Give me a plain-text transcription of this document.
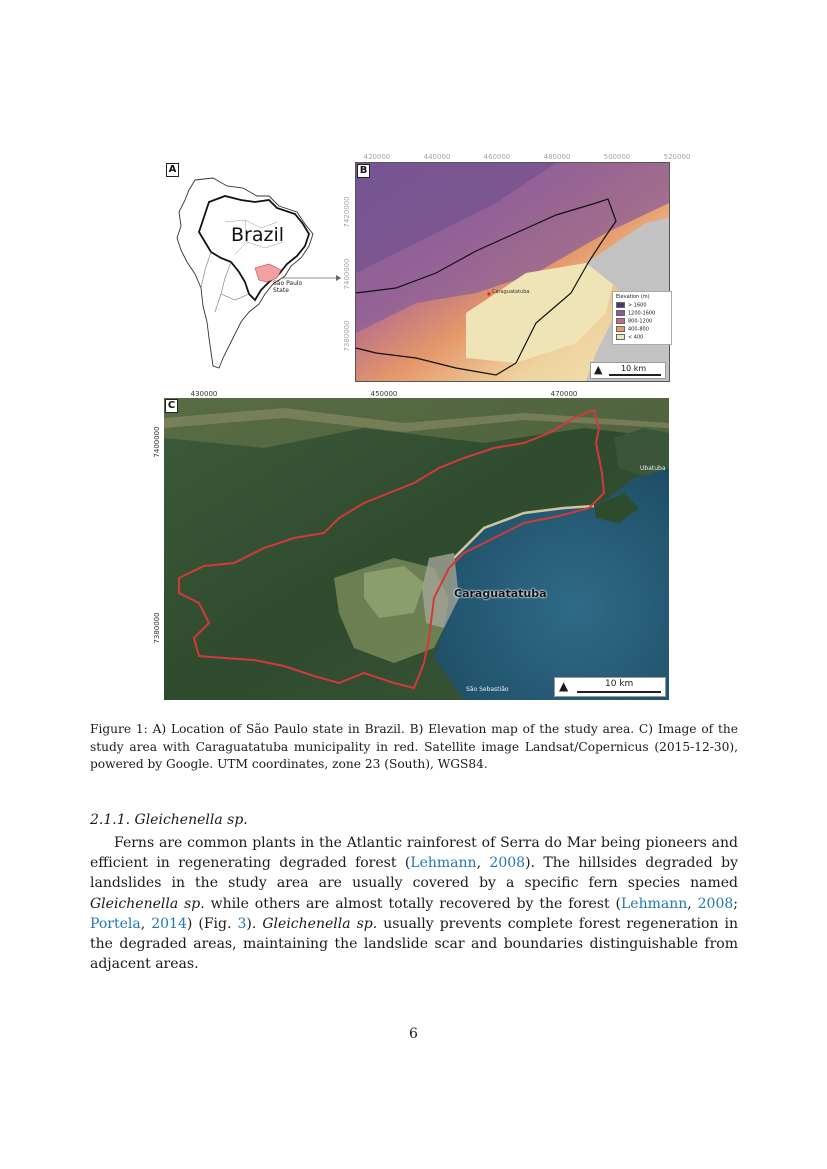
A
Brazil
São Paulo
State
420000	440000	460000	480000	500000	520000
7420000
7400000
7380000
B
Caraguatatuba
Elevation (m)
> 1600
1200-1600
800-1200
400-800
< 400
▲ 10 km
430000	450000	470000
7400000
7380000
C
Caraguatatuba
Ubatuba
São Sebastião	▲	10 km
Figure 1: A) Location of São Paulo state in Brazil. B) Elevation map of the study area. C) Image of the study area with Caraguatatuba municipality in red. Satellite image Landsat/Copernicus (2015-12-30), powered by Google. UTM coordinates, zone 23 (South), WGS84.
2.1.1. Gleichenella sp.
Ferns are common plants in the Atlantic rainforest of Serra do Mar being pioneers and efficient in regenerating degraded forest (Lehmann, 2008). The hillsides degraded by landslides in the study area are usually covered by a specific fern species named Gleichenella sp. while others are almost totally recovered by the forest (Lehmann, 2008; Portela, 2014) (Fig. 3). Gleichenella sp. usually prevents complete forest regeneration in the degraded areas, maintaining the landslide scar and boundaries distinguishable from adjacent areas.
6
